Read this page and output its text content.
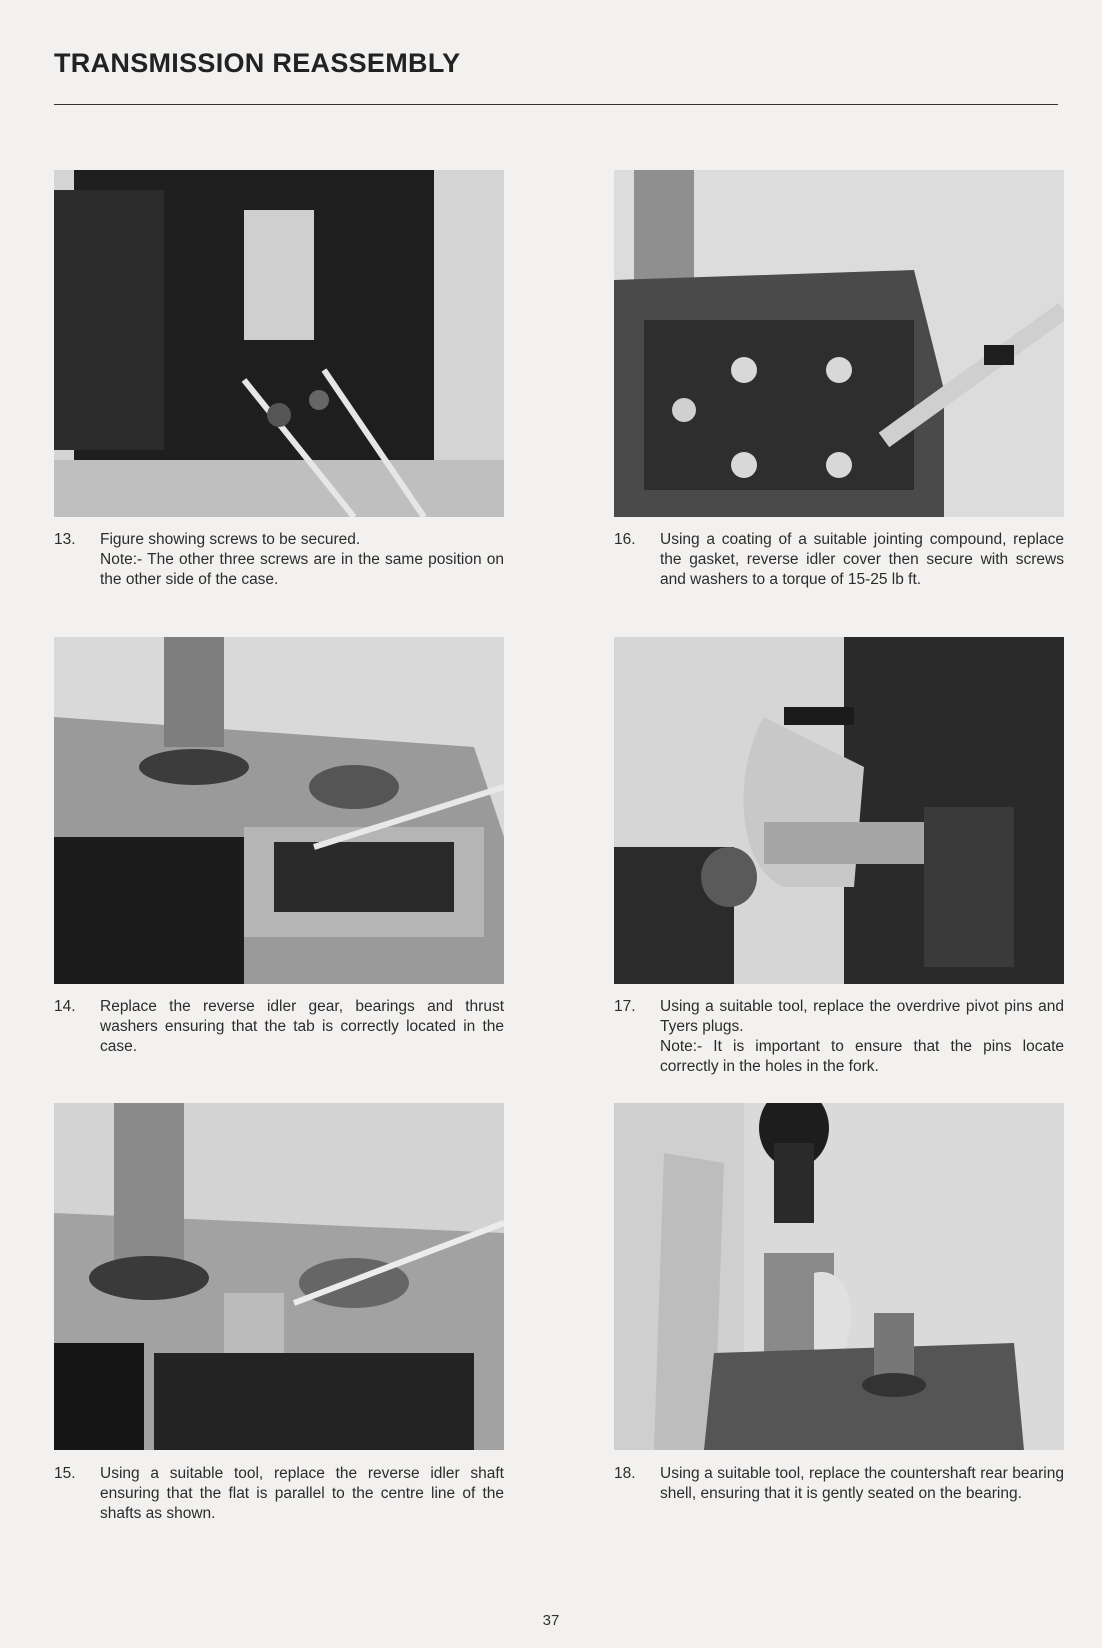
TRANSMISSION REASSEMBLY
13.	Figure showing screws to be secured.

Note:- The other three screws are in the same position on the other side of the case.

14.	Replace the reverse idler gear, bearings and thrust washers ensuring that the tab is correctly located in the case.

15.	Using a suitable tool, replace the reverse idler shaft ensuring that the flat is parallel to the centre line of the shafts as shown.

16.	Using a coating of a suitable jointing compound, replace the gasket, reverse idler cover then secure with screws and washers to a torque of 15-25 lb ft.

17.	Using a suitable tool, replace the overdrive pivot pins and Tyers plugs.

Note:- It is important to ensure that the pins locate correctly in the holes in the fork.

18.	Using a suitable tool, replace the countershaft rear bearing shell, ensuring that it is gently seated on the bearing.

37
